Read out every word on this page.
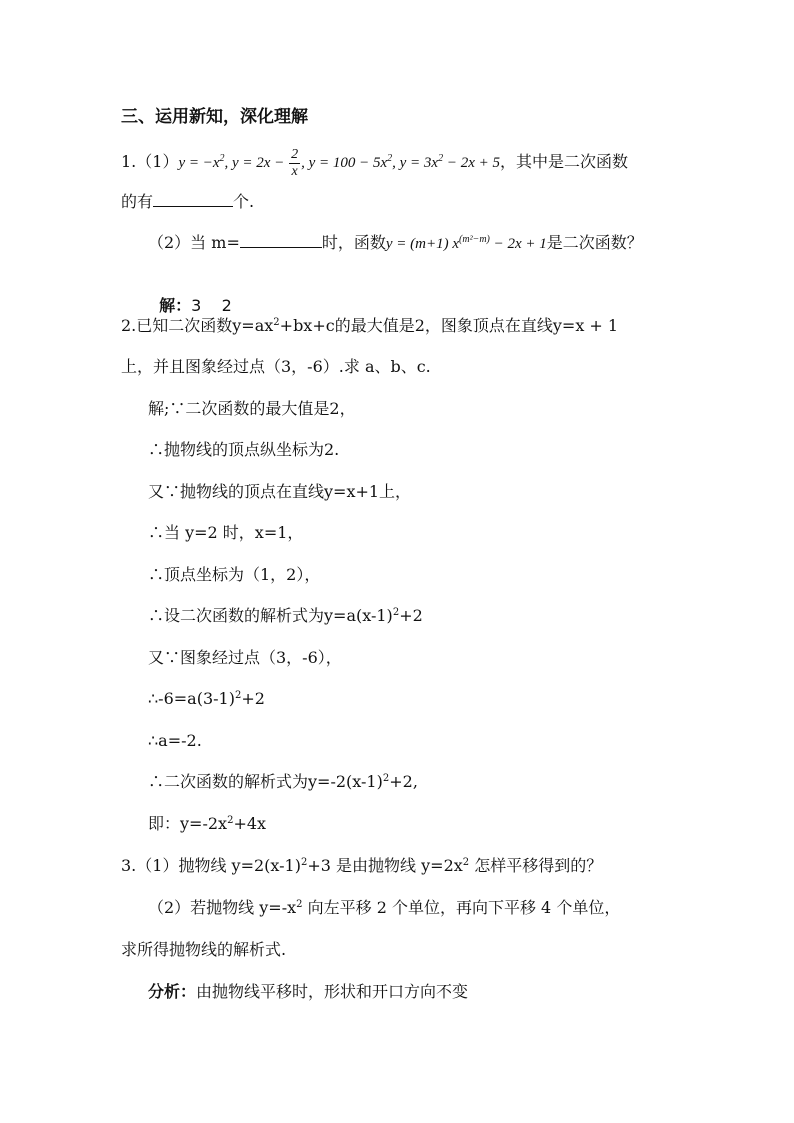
三、运用新知，深化理解
$1.(1)y = -x^2$, $y = 2x - \frac{2}{x}$ , $y = 100 - 5x^2$, $y = 3x^2 - 2x + 5$，其中是二次函数
的有	个.
（2）当 m=	时，函数y = (m+1) $x^{(m^2-m)} - 2x + 1$是二次函数？

解：3    2

2.已知二次函数$y=ax^2+bx+c$的最大值是2，图象顶点在直线y=x + 1
上，并且图象经过点（3，-6）.求 a、b、c.
解;∵二次函数的最大值是2，
∴抛物线的顶点纵坐标为2.
又∵抛物线的顶点在直线y=x+1上，
∴当 y=2 时，x=1，
∴顶点坐标为（1，2），
∴设二次函数的解析式为$y=a(x-1)^2+2$
又∵图象经过点（3，-6），
$\therefore-6=a(3-1)^2+2$
∴a=-2.
∴二次函数的解析式为$y=-2(x-1)^2+2$,
即：$y=-2x^2+4x$
3.（1）抛物线 $y=2(x-1)^2+3$ 是由抛物线 $y=2x^2$ 怎样平移得到的？
（2）若抛物线 $y=-x^2$ 向左平移 2 个单位，再向下平移 4 个单位，
求所得抛物线的解析式.
分析：由抛物线平移时，形状和开口方向不变
